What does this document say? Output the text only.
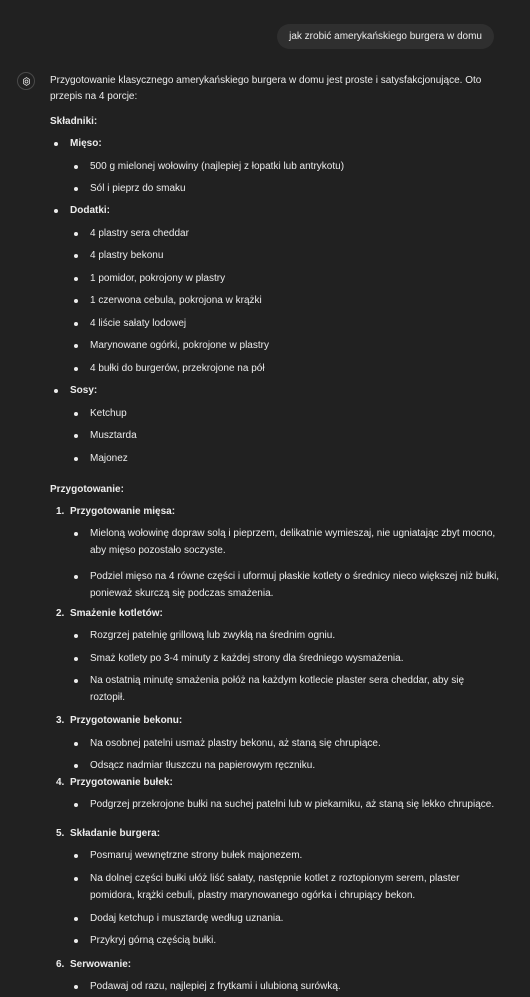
jak zrobić amerykańskiego burgera w domu
Przygotowanie klasycznego amerykańskiego burgera w domu jest proste i satysfakcjonujące. Oto przepis na 4 porcje:
Składniki:
Mięso:
500 g mielonej wołowiny (najlepiej z łopatki lub antrykotu)
Sól i pieprz do smaku
Dodatki:
4 plastry sera cheddar
4 plastry bekonu
1 pomidor, pokrojony w plastry
1 czerwona cebula, pokrojona w krążki
4 liście sałaty lodowej
Marynowane ogórki, pokrojone w plastry
4 bułki do burgerów, przekrojone na pół
Sosy:
Ketchup
Musztarda
Majonez
Przygotowanie:
1. Przygotowanie mięsa:
Mieloną wołowinę dopraw solą i pieprzem, delikatnie wymieszaj, nie ugniatając zbyt mocno,
aby mięso pozostało soczyste.
Podziel mięso na 4 równe części i uformuj płaskie kotlety o średnicy nieco większej niż bułki,
ponieważ skurczą się podczas smażenia.
2. Smażenie kotletów:
Rozgrzej patelnię grillową lub zwykłą na średnim ogniu.
Smaż kotlety po 3-4 minuty z każdej strony dla średniego wysmażenia.
Na ostatnią minutę smażenia połóż na każdym kotlecie plaster sera cheddar, aby się
roztopił.
3. Przygotowanie bekonu:
Na osobnej patelni usmaż plastry bekonu, aż staną się chrupiące.
Odsącz nadmiar tłuszczu na papierowym ręczniku.
4. Przygotowanie bułek:
Podgrzej przekrojone bułki na suchej patelni lub w piekarniku, aż staną się lekko chrupiące.
5. Składanie burgera:
Posmaruj wewnętrzne strony bułek majonezem.
Na dolnej części bułki ułóż liść sałaty, następnie kotlet z roztopionym serem, plaster
pomidora, krążki cebuli, plastry marynowanego ogórka i chrupiący bekon.
Dodaj ketchup i musztardę według uznania.
Przykryj górną częścią bułki.
6. Serwowanie:
Podawaj od razu, najlepiej z frytkami i ulubioną surówką.
